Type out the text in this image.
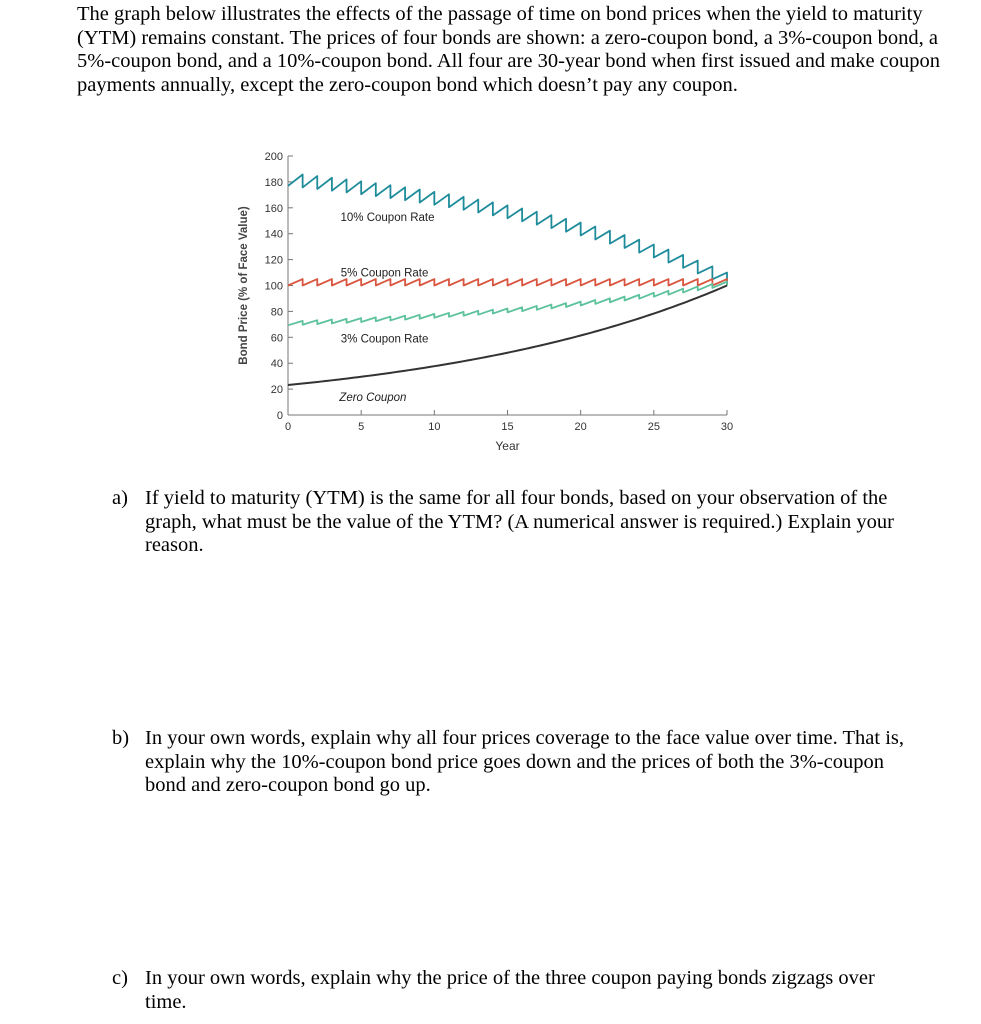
The graph below illustrates the effects of the passage of time on bond prices when the yield to maturity (YTM) remains constant. The prices of four bonds are shown: a zero-coupon bond, a 3%-coupon bond, a 5%-coupon bond, and a 10%-coupon bond. All four are 30-year bond when first issued and make coupon payments annually, except the zero-coupon bond which doesn’t pay any coupon.

0
20
40
60
80
100
120
140
160
180
200
0	5	10	15	20	25	30
Year
Bond Price (% of Face Value)	10% Coupon Rate
5% Coupon Rate
3% Coupon Rate
Zero Coupon
a) If yield to maturity (YTM) is the same for all four bonds, based on your observation of the graph, what must be the value of the YTM? (A numerical answer is required.) Explain your reason.

b) In your own words, explain why all four prices coverage to the face value over time. That is, explain why the 10%-coupon bond price goes down and the prices of both the 3%-coupon bond and zero-coupon bond go up.

c) In your own words, explain why the price of the three coupon paying bonds zigzags over time.
